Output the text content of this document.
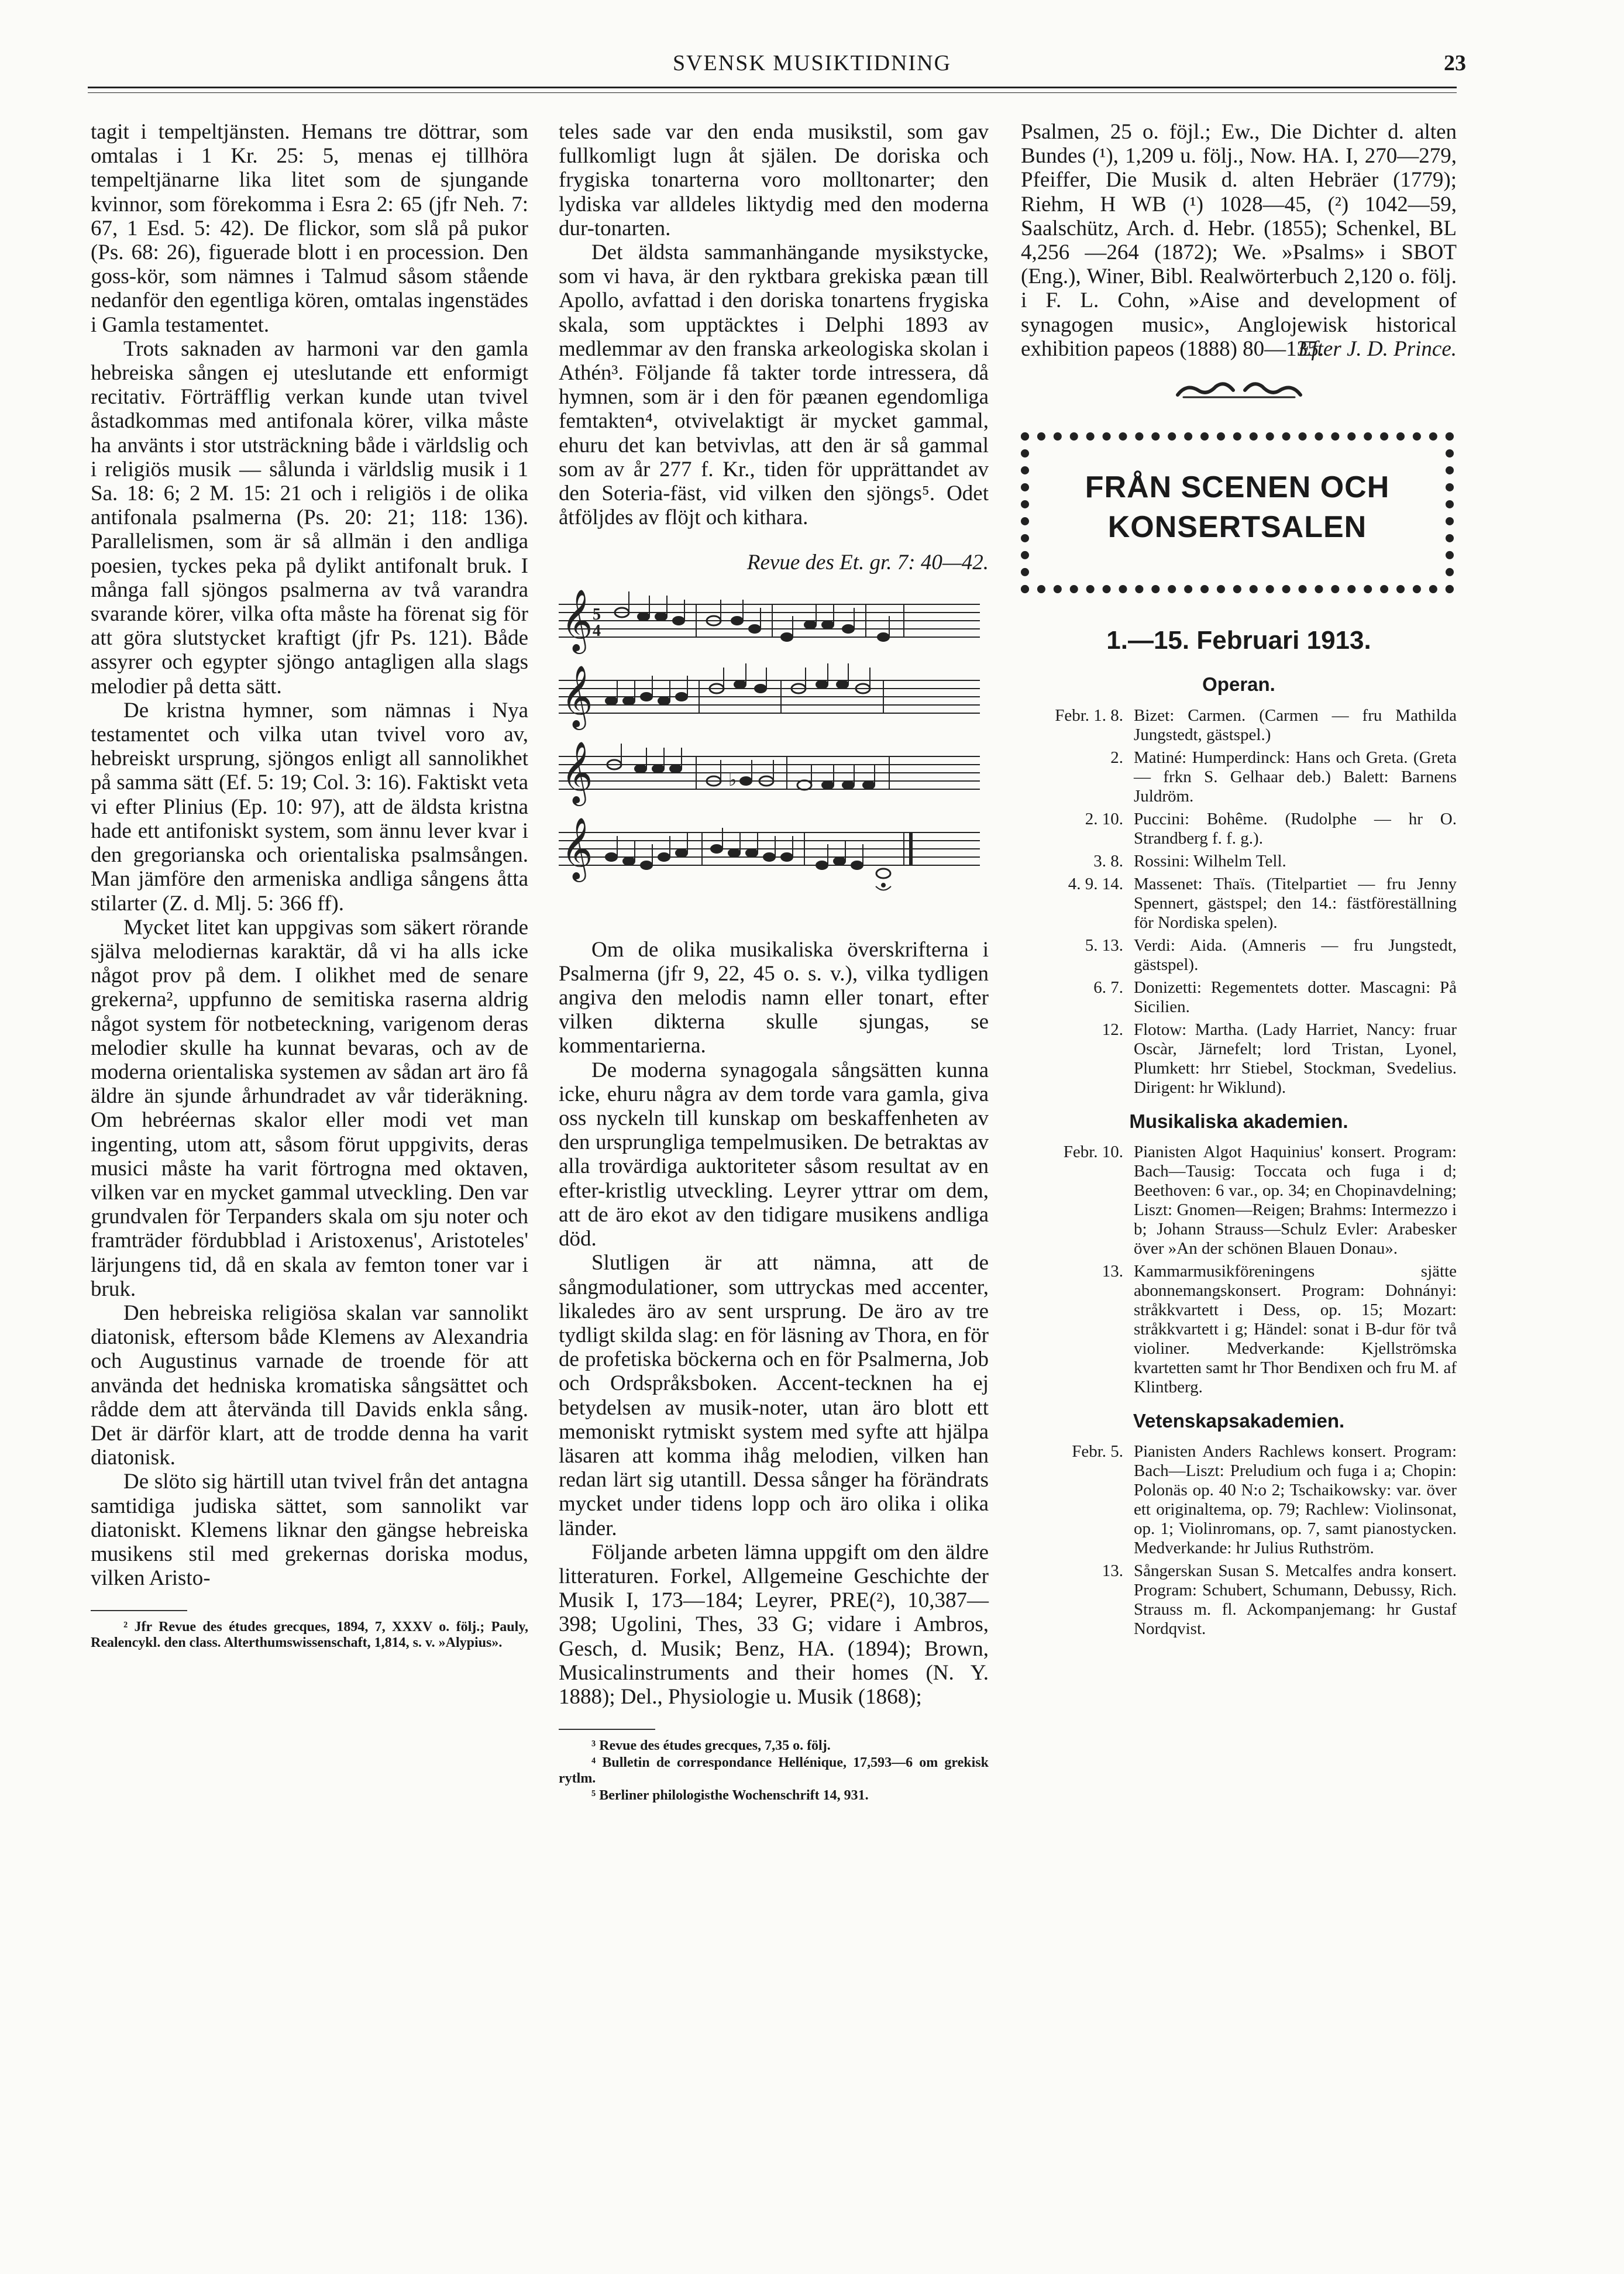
SVENSK MUSIKTIDNING	23

tagit i tempeltjänsten. Hemans tre döttrar, som omtalas i 1 Kr. 25: 5, menas ej tillhöra tempeltjänarne lika litet som de sjungande kvinnor, som förekomma i Esra 2: 65 (jfr Neh. 7: 67, 1 Esd. 5: 42). De flickor, som slå på pukor (Ps. 68: 26), figuerade blott i en procession. Den goss-kör, som nämnes i Talmud såsom stående nedanför den egentliga kören, omtalas ingenstädes i Gamla testamentet.

Trots saknaden av harmoni var den gamla hebreiska sången ej uteslutande ett enformigt recitativ. Förträfflig verkan kunde utan tvivel åstadkommas med antifonala körer, vilka måste ha använts i stor utsträckning både i världslig och i religiös musik — sålunda i världslig musik i 1 Sa. 18: 6; 2 M. 15: 21 och i religiös i de olika antifonala psalmerna (Ps. 20: 21; 118: 136). Parallelismen, som är så allmän i den andliga poesien, tyckes peka på dylikt antifonalt bruk. I många fall sjöngos psalmerna av två varandra svarande körer, vilka ofta måste ha förenat sig för att göra slutstycket kraftigt (jfr Ps. 121). Både assyrer och egypter sjöngo antagligen alla slags melodier på detta sätt.

De kristna hymner, som nämnas i Nya testamentet och vilka utan tvivel voro av, hebreiskt ursprung, sjöngos enligt all sannolikhet på samma sätt (Ef. 5: 19; Col. 3: 16). Faktiskt veta vi efter Plinius (Ep. 10: 97), att de äldsta kristna hade ett antifoniskt system, som ännu lever kvar i den gregorianska och orientaliska psalmsången. Man jämföre den armeniska andliga sångens åtta stilarter (Z. d. Mlj. 5: 366 ff).

Mycket litet kan uppgivas som säkert rörande själva melodiernas karaktär, då vi ha alls icke något prov på dem. I olikhet med de senare grekerna², uppfunno de semitiska raserna aldrig något system för notbeteckning, varigenom deras melodier skulle ha kunnat bevaras, och av de moderna orientaliska systemen av sådan art äro få äldre än sjunde århundradet av vår tideräkning. Om hebréernas skalor eller modi vet man ingenting, utom att, såsom förut uppgivits, deras musici måste ha varit förtrogna med oktaven, vilken var en mycket gammal utveckling. Den var grundvalen för Terpanders skala om sju noter och framträder fördubblad i Aristoxenus', Aristoteles' lärjungens tid, då en skala av femton toner var i bruk.

Den hebreiska religiösa skalan var sannolikt diatonisk, eftersom både Klemens av Alexandria och Augustinus varnade de troende för att använda det hedniska kromatiska sångsättet och rådde dem att återvända till Davids enkla sång. Det är därför klart, att de trodde denna ha varit diatonisk.

De slöto sig härtill utan tvivel från det antagna samtidiga judiska sättet, som sannolikt var diatoniskt. Klemens liknar den gängse hebreiska musikens stil med grekernas doriska modus, vilken Aristo-

² Jfr Revue des études grecques, 1894, 7, XXXV o. följ.; Pauly, Realencykl. den class. Alterthumswissenschaft, 1,814, s. v. »Alypius».

teles sade var den enda musikstil, som gav fullkomligt lugn åt själen. De doriska och frygiska tonarterna voro molltonarter; den lydiska var alldeles liktydig med den moderna dur-tonarten.

Det äldsta sammanhängande mysikstycke, som vi hava, är den ryktbara grekiska pæan till Apollo, avfattad i den doriska tonartens frygiska skala, som upptäcktes i Delphi 1893 av medlemmar av den franska arkeologiska skolan i Athén³. Följande få takter torde intressera, då hymnen, som är i den för pæanen egendomliga femtakten⁴, otvivelaktigt är mycket gammal, ehuru det kan betvivlas, att den är så gammal som av år 277 f. Kr., tiden för upprättandet av den Soteria-fäst, vid vilken den sjöngs⁵. Odet åtföljdes av flöjt och kithara.

Revue des Et. gr. 7: 40—42.
𝄞 5
4
𝄞
𝄞	♭
𝄞

Om de olika musikaliska överskrifterna i Psalmerna (jfr 9, 22, 45 o. s. v.), vilka tydligen angiva den melodis namn eller tonart, efter vilken dikterna skulle sjungas, se kommentarierna.

De moderna synagogala sångsätten kunna icke, ehuru några av dem torde vara gamla, giva oss nyckeln till kunskap om beskaffenheten av den ursprungliga tempelmusiken. De betraktas av alla trovärdiga auktoriteter såsom resultat av en efter-kristlig utveckling. Leyrer yttrar om dem, att de äro ekot av den tidigare musikens andliga död.

Slutligen är att nämna, att de sångmodulationer, som uttryckas med accenter, likaledes äro av sent ursprung. De äro av tre tydligt skilda slag: en för läsning av Thora, en för de profetiska böckerna och en för Psalmerna, Job och Ordspråksboken. Accent-tecknen ha ej betydelsen av musik-noter, utan äro blott ett memoniskt rytmiskt system med syfte att hjälpa läsaren att komma ihåg melodien, vilken han redan lärt sig utantill. Dessa sånger ha förändrats mycket under tidens lopp och äro olika i olika länder.

Följande arbeten lämna uppgift om den äldre litteraturen. Forkel, Allgemeine Geschichte der Musik I, 173—184; Leyrer, PRE(²), 10,387—398; Ugolini, Thes, 33 G; vidare i Ambros, Gesch, d. Musik; Benz, HA. (1894); Brown, Musicalinstruments and their homes (N. Y. 1888); Del., Physiologie u. Musik (1868);

³ Revue des études grecques, 7,35 o. följ.

⁴ Bulletin de correspondance Hellénique, 17,593—6 om grekisk rytlm.

⁵ Berliner philologisthe Wochenschrift 14, 931.

Psalmen, 25 o. föjl.; Ew., Die Dichter d. alten Bundes (¹), 1,209 u. följ., Now. HA. I, 270—279, Pfeiffer, Die Musik d. alten Hebräer (1779); Riehm, H WB (¹) 1028—45, (²) 1042—59, Saalschütz, Arch. d. Hebr. (1855); Schenkel, BL 4,256 —264 (1872); We. »Psalms» i SBOT (Eng.), Winer, Bibl. Realwörterbuch 2,120 o. följ. i F. L. Cohn, »Aise and development of synagogen music», Anglojewisk historical exhibition papeos (1888) 80—135.

Efter J. D. Prince.
FRÅN SCENEN OCH
KONSERTSALEN
1.—15. Februari 1913.
Operan.
Febr. 1. 8. Bizet: Carmen. (Carmen — fru Mathilda Jungstedt, gästspel.)
2. Matiné: Humperdinck: Hans och Greta. (Greta — frkn S. Gelhaar deb.) Balett: Barnens Juldröm.
2. 10. Puccini: Bohême. (Rudolphe — hr O. Strandberg f. f. g.).
3. 8. Rossini: Wilhelm Tell.
4. 9. 14. Massenet: Thaïs. (Titelpartiet — fru Jenny Spennert, gästspel; den 14.: fästföreställning för Nordiska spelen).
5. 13. Verdi: Aida. (Amneris — fru Jungstedt, gästspel).
6. 7. Donizetti: Regementets dotter. Mascagni: På Sicilien.
12. Flotow: Martha. (Lady Harriet, Nancy: fruar Oscàr, Järnefelt; lord Tristan, Lyonel, Plumkett: hrr Stiebel, Stockman, Svedelius. Dirigent: hr Wiklund).
Musikaliska akademien.
Febr. 10. Pianisten Algot Haquinius' konsert. Program: Bach—Tausig: Toccata och fuga i d; Beethoven: 6 var., op. 34; en Chopinavdelning; Liszt: Gnomen—Reigen; Brahms: Intermezzo i b; Johann Strauss—Schulz Evler: Arabesker över »An der schönen Blauen Donau».
13. Kammarmusikföreningens sjätte abonnemangskonsert. Program: Dohnányi: stråkkvartett i Dess, op. 15; Mozart: stråkkvartett i g; Händel: sonat i B-dur för två violiner. Medverkande: Kjellströmska kvartetten samt hr Thor Bendixen och fru M. af Klintberg.
Vetenskapsakademien.
Febr. 5. Pianisten Anders Rachlews konsert. Program: Bach—Liszt: Preludium och fuga i a; Chopin: Polonäs op. 40 N:o 2; Tschaikowsky: var. över ett originaltema, op. 79; Rachlew: Violinsonat, op. 1; Violinromans, op. 7, samt pianostycken. Medverkande: hr Julius Ruthström.
13. Sångerskan Susan S. Metcalfes andra konsert. Program: Schubert, Schumann, Debussy, Rich. Strauss m. fl. Ackompanjemang: hr Gustaf Nordqvist.
